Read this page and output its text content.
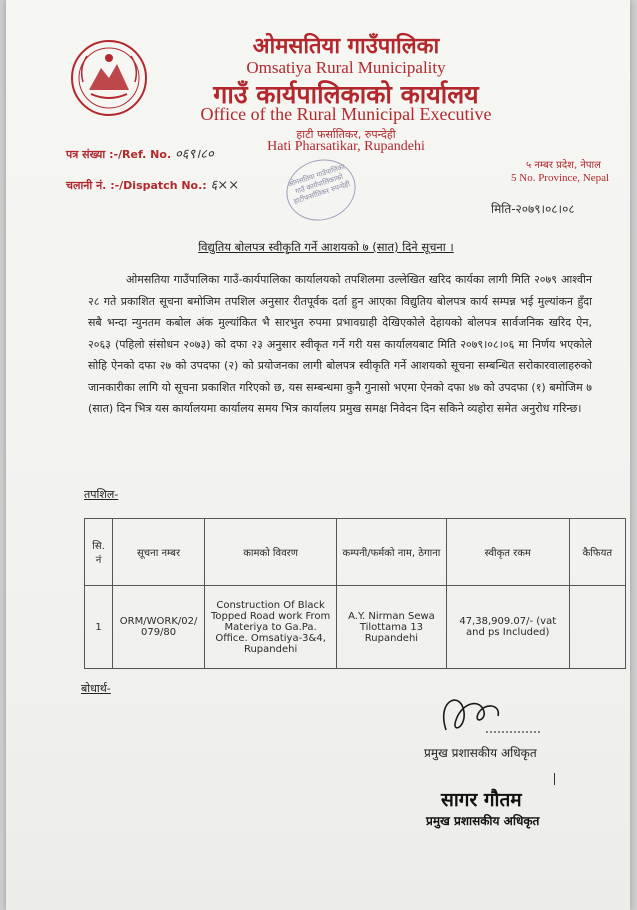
ओमसतिया गाउँपालिका
Omsatiya Rural Municipality
गाउँ कार्यपालिकाको कार्यालय
Office of the Rural Municipal Executive
हाटी फर्सातिकर, रुपन्देही
Hati Pharsatikar, Rupandehi
पत्र संख्या :-/Ref. No. ०६९।८०
चलानी नं. :-/Dispatch No.: ६××	ओमसतिया गाउँपालिका गाउँ कार्यपालिकाको हाटीफर्सातिकर रुपन्देही
५ नम्बर प्रदेश, नेपाल
5 No. Province, Nepal
मिति-२०७९।०८।०८
विद्युतिय बोलपत्र स्वीकृति गर्ने आशयको ७ (सात) दिने सूचना ।
ओमसतिया गाउँपालिका गाउँ-कार्यपालिका कार्यालयको तपशिलमा उल्लेखित खरिद कार्यका लागी मिति २०७९ आश्वीन २८ गते प्रकाशित सूचना बमोजिम तपशिल अनुसार रीतपूर्वक दर्ता हुन आएका विद्युतिय बोलपत्र कार्य सम्पन्न भई मुल्यांकन हुँदा सबै भन्दा न्युनतम कबोल अंक मुल्यांकित भै सारभुत रुपमा प्रभावग्राही देखिएकोले देहायको बोलपत्र सार्वजनिक खरिद ऐन, २०६३ (पहिलो संसोधन २०७३) को दफा २३ अनुसार स्वीकृत गर्ने गरी यस कार्यालयबाट मिति २०७९।०८।०६ मा निर्णय भएकोले सोहि ऐनको दफा २७ को उपदफा (२) को प्रयोजनका लागी बोलपत्र स्वीकृति गर्ने आशयको सूचना सम्बन्धित सरोकारवालाहरुको जानकारीका लागि यो सूचना प्रकाशित गरिएको छ, यस सम्बन्धमा कुनै गुनासो भएमा ऐनको दफा ४७ को उपदफा (१) बमोजिम ७ (सात) दिन भित्र यस कार्यालयमा कार्यालय समय भित्र कार्यालय प्रमुख समक्ष निवेदन दिन सकिने व्यहोरा समेत अनुरोध गरिन्छ।
तपशिल-
सि. नं	सूचना नम्बर	कामको विवरण	कम्पनी/फर्मको नाम, ठेगाना	स्वीकृत रकम	कैफियत
1	ORM/WORK/02/ 079/80	Construction Of Black Topped Road work From Materiya to Ga.Pa. Office. Omsatiya-3&4, Rupandehi	A.Y. Nirman Sewa Tilottama 13 Rupandehi	47,38,909.07/- (vat and ps Included)	
बोधार्थ-
प्रमुख प्रशासकीय अधिकृत
सागर गौतम
प्रमुख प्रशासकीय अधिकृत
